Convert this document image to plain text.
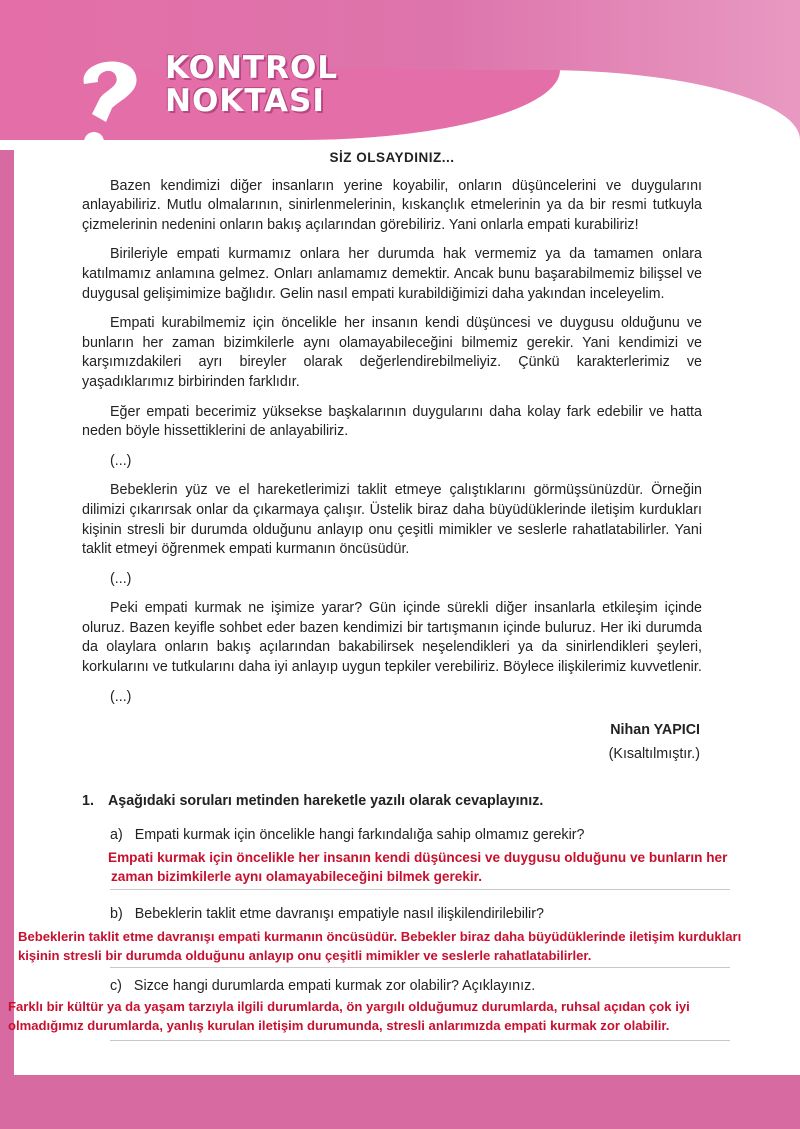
KONTROL
NOKTASI
SİZ OLSAYDINIZ...

Bazen kendimizi diğer insanların yerine koyabilir, onların düşüncelerini ve duygularını anlayabiliriz. Mutlu olmalarının, sinirlenmelerinin, kıskançlık etmelerinin ya da bir resmi tutkuyla çizmelerinin nedenini onların bakış açılarından görebiliriz. Yani onlarla empati kurabiliriz!

Birileriyle empati kurmamız onlara her durumda hak vermemiz ya da tamamen onlara katılmamız anlamına gelmez. Onları anlamamız demektir. Ancak bunu başarabilmemiz bilişsel ve duygusal gelişimimize bağlıdır. Gelin nasıl empati kurabildiğimizi daha yakından inceleyelim.

Empati kurabilmemiz için öncelikle her insanın kendi düşüncesi ve duygusu olduğunu ve bunların her zaman bizimkilerle aynı olamayabileceğini bilmemiz gerekir. Yani kendimizi ve karşımızdakileri ayrı bireyler olarak değerlendirebilmeliyiz. Çünkü karakterlerimiz ve yaşadıklarımız birbirinden farklıdır.

Eğer empati becerimiz yüksekse başkalarının duygularını daha kolay fark edebilir ve hatta neden böyle hissettiklerini de anlayabiliriz.

(...)

Bebeklerin yüz ve el hareketlerimizi taklit etmeye çalıştıklarını görmüşsünüzdür. Örneğin dilimizi çıkarırsak onlar da çıkarmaya çalışır. Üstelik biraz daha büyüdüklerinde iletişim kurdukları kişinin stresli bir durumda olduğunu anlayıp onu çeşitli mimikler ve seslerle rahatlatabilirler. Yani taklit etmeyi öğrenmek empati kurmanın öncüsüdür.

(...)

Peki empati kurmak ne işimize yarar? Gün içinde sürekli diğer insanlarla etkileşim içinde oluruz. Bazen keyifle sohbet eder bazen kendimizi bir tartışmanın içinde buluruz. Her iki durumda da olaylara onların bakış açılarından bakabilirsek neşelendikleri ya da sinirlendikleri şeyleri, korkularını ve tutkularını daha iyi anlayıp uygun tepkiler verebiliriz. Böylece ilişkilerimiz kuvvetlenir.

(...)
Nihan YAPICI
(Kısaltılmıştır.)
1. Aşağıdaki soruları metinden hareketle yazılı olarak cevaplayınız.
a) Empati kurmak için öncelikle hangi farkındalığa sahip olmamız gerekir?
Empati kurmak için öncelikle her insanın kendi düşüncesi ve duygusu olduğunu ve bunların her
zaman bizimkilerle aynı olamayabileceğini bilmek gerekir.
b) Bebeklerin taklit etme davranışı empatiyle nasıl ilişkilendirilebilir?
Bebeklerin taklit etme davranışı empati kurmanın öncüsüdür. Bebekler biraz daha büyüdüklerinde iletişim kurdukları
kişinin stresli bir durumda olduğunu anlayıp onu çeşitli mimikler ve seslerle rahatlatabilirler.
c) Sizce hangi durumlarda empati kurmak zor olabilir? Açıklayınız.
Farklı bir kültür ya da yaşam tarzıyla ilgili durumlarda, ön yargılı olduğumuz durumlarda, ruhsal açıdan çok iyi
olmadığımız durumlarda, yanlış kurulan iletişim durumunda, stresli anlarımızda empati kurmak zor olabilir.
